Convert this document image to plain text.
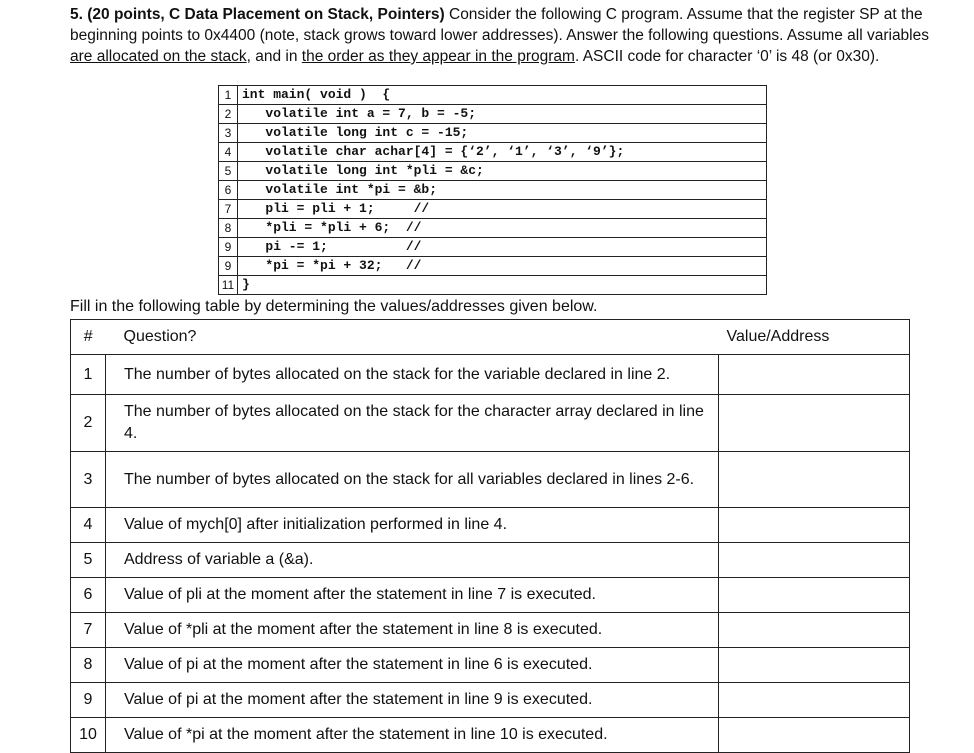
5. (20 points, C Data Placement on Stack, Pointers) Consider the following C program. Assume that the register SP at the beginning points to 0x4400 (note, stack grows toward lower addresses). Answer the following questions. Assume all variables are allocated on the stack, and in the order as they appear in the program. ASCII code for character ‘0’ is 48 (or 0x30).
1	int main( void )  {
2	volatile int a = 7, b = -5;
3	volatile long int c = -15;
4	volatile char achar[4] = {‘2’, ‘1’, ‘3’, ‘9’};
5	volatile long int *pli = &c;
6	volatile int *pi = &b;
7	pli = pli + 1;     //
8	*pli = *pli + 6;  //
9	pi -= 1;          //
9	*pi = *pi + 32;   //
11	}
Fill in the following table by determining the values/addresses given below.
#	Question?	Value/Address
1	The number of bytes allocated on the stack for the variable declared in line 2.	
2	The number of bytes allocated on the stack for the character array declared in line 4.	
3	The number of bytes allocated on the stack for all variables declared in lines 2-6.	
4	Value of mych[0] after initialization performed in line 4.	
5	Address of variable a (&a).	
6	Value of pli at the moment after the statement in line 7 is executed.	
7	Value of *pli at the moment after the statement in line 8 is executed.	
8	Value of pi at the moment after the statement in line 6 is executed.	
9	Value of pi at the moment after the statement in line 9 is executed.	
10	Value of *pi at the moment after the statement in line 10 is executed.	
